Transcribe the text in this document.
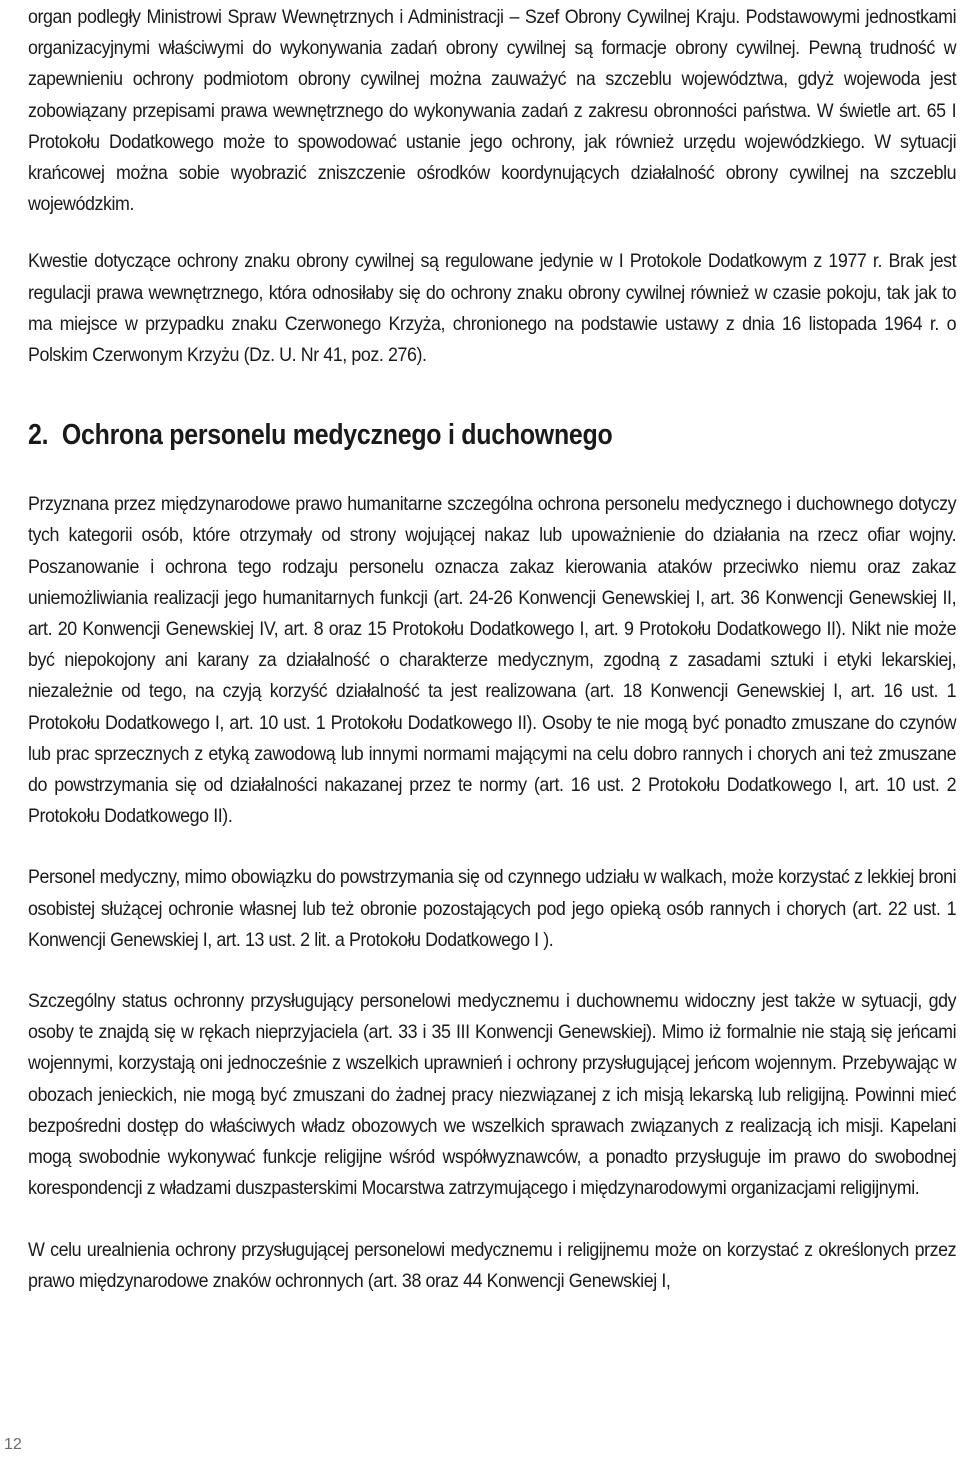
organ podległy Ministrowi Spraw Wewnętrznych i Administracji – Szef Obrony Cywilnej Kraju. Podstawowymi jednostkami organizacyjnymi właściwymi do wykonywania zadań obrony cywilnej są formacje obrony cywilnej. Pewną trudność w zapewnieniu ochrony podmiotom obrony cywilnej można zauważyć na szczeblu województwa, gdyż wojewoda jest zobowiązany przepisami prawa wewnętrznego do wykonywania zadań z zakresu obronności państwa. W świetle art. 65 I Protokołu Dodatkowego może to spowodować ustanie jego ochrony, jak również urzędu wojewódzkiego. W sytuacji krańcowej można sobie wyobrazić zniszczenie ośrodków koordynujących działalność obrony cywilnej na szczeblu wojewódzkim.

Kwestie dotyczące ochrony znaku obrony cywilnej są regulowane jedynie w I Protokole Dodatkowym z 1977 r. Brak jest regulacji prawa wewnętrznego, która odnosiłaby się do ochrony znaku obrony cywilnej również w czasie pokoju, tak jak to ma miejsce w przypadku znaku Czerwonego Krzyża, chronionego na podstawie ustawy z dnia 16 listopada 1964 r. o Polskim Czerwonym Krzyżu (Dz. U. Nr 41, poz. 276).

2. Ochrona personelu medycznego i duchownego

Przyznana przez międzynarodowe prawo humanitarne szczególna ochrona personelu medycznego i duchownego dotyczy tych kategorii osób, które otrzymały od strony wojującej nakaz lub upoważnienie do działania na rzecz ofiar wojny. Poszanowanie i ochrona tego rodzaju personelu oznacza zakaz kierowania ataków przeciwko niemu oraz zakaz uniemożliwiania realizacji jego humanitarnych funkcji (art. 24-26 Konwencji Genewskiej I, art. 36 Konwencji Genewskiej II, art. 20 Konwencji Genewskiej IV, art. 8 oraz 15 Protokołu Dodatkowego I, art. 9 Protokołu Dodatkowego II). Nikt nie może być niepokojony ani karany za działalność o charakterze medycznym, zgodną z zasadami sztuki i etyki lekarskiej, niezależnie od tego, na czyją korzyść działalność ta jest realizowana (art. 18 Konwencji Genewskiej I, art. 16 ust. 1 Protokołu Dodatkowego I, art. 10 ust. 1 Protokołu Dodatkowego II). Osoby te nie mogą być ponadto zmuszane do czynów lub prac sprzecznych z etyką zawodową lub innymi normami mającymi na celu dobro rannych i chorych ani też zmuszane do powstrzymania się od działalności nakazanej przez te normy (art. 16 ust. 2 Protokołu Dodatkowego I, art. 10 ust. 2 Protokołu Dodatkowego II).

Personel medyczny, mimo obowiązku do powstrzymania się od czynnego udziału w walkach, może korzystać z lekkiej broni osobistej służącej ochronie własnej lub też obronie pozostających pod jego opieką osób rannych i chorych (art. 22 ust. 1 Konwencji Genewskiej I, art. 13 ust. 2 lit. a Protokołu Dodatkowego I ).

Szczególny status ochronny przysługujący personelowi medycznemu i duchownemu widoczny jest także w sytuacji, gdy osoby te znajdą się w rękach nieprzyjaciela (art. 33 i 35 III Konwencji Genewskiej). Mimo iż formalnie nie stają się jeńcami wojennymi, korzystają oni jednocześnie z wszelkich uprawnień i ochrony przysługującej jeńcom wojennym. Przebywając w obozach jenieckich, nie mogą być zmuszani do żadnej pracy niezwiązanej z ich misją lekarską lub religijną. Powinni mieć bezpośredni dostęp do właściwych władz obozowych we wszelkich sprawach związanych z realizacją ich misji. Kapelani mogą swobodnie wykonywać funkcje religijne wśród współwyznawców, a ponadto przysługuje im prawo do swobodnej korespondencji z władzami duszpasterskimi Mocarstwa zatrzymującego i międzynarodowymi organizacjami religijnymi.

W celu urealnienia ochrony przysługującej personelowi medycznemu i religijnemu może on korzystać z określonych przez prawo międzynarodowe znaków ochronnych (art. 38 oraz 44 Konwencji Genewskiej I,

12
